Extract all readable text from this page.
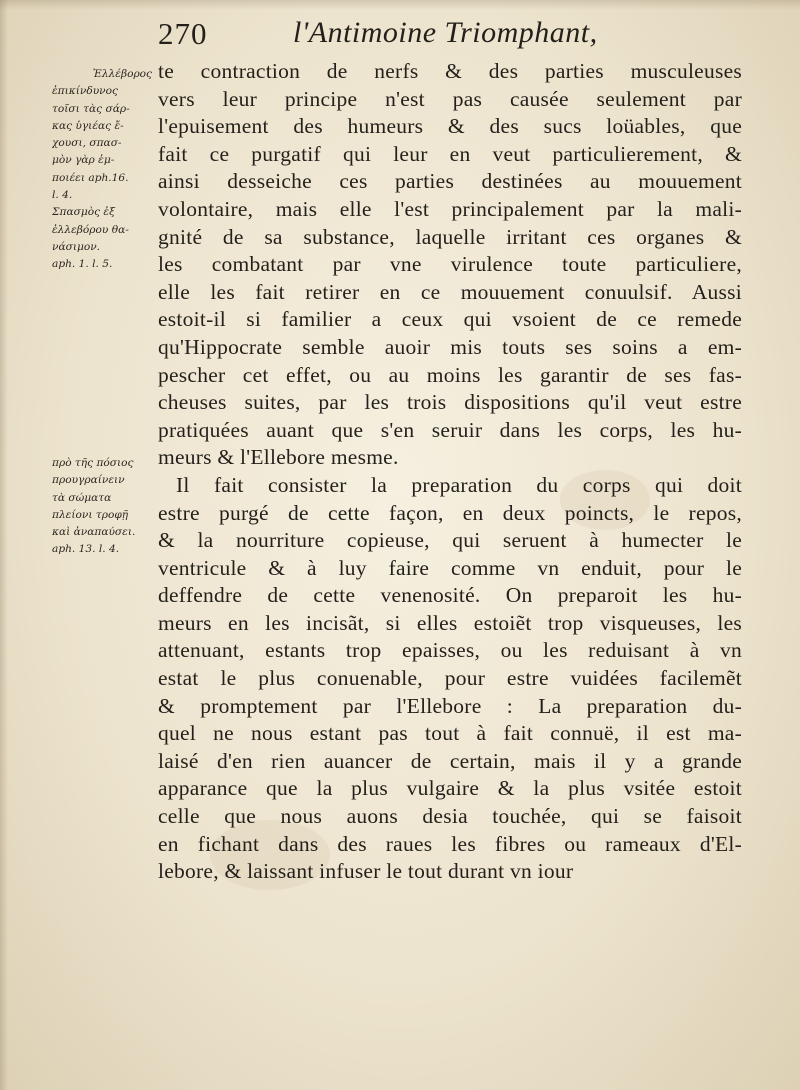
270	l'Antimoine Triomphant,
Ἐλλέβορος
ἐπικίνδυνος
τοῖσι τὰς σάρ-
κας ὑγιέας ἔ-
χουσι, σπασ-
μὸν γὰρ ἐμ-
ποιέει aph.16.
l. 4.
Σπασμὸς ἐξ
ἐλλεβόρου θα-
νάσιμον.
aph. 1. l. 5.
πρὸ τῆς πόσιος
προυγραίνειν
τὰ σώματα
πλείονι τροφῇ
καὶ ἀναπαύσει.
aph. 13. l. 4.
te contraction de nerfs & des parties musculeuses
vers leur principe n'est pas causée seulement par
l'epuisement des humeurs & des sucs loüables, que
fait ce purgatif qui leur en veut particulierement, &
ainsi desseiche ces parties destinées au mouuement
volontaire, mais elle l'est principalement par la mali-
gnité de sa substance, laquelle irritant ces organes &
les combatant par vne virulence toute particuliere,
elle les fait retirer en ce mouuement conuulsif. Aussi
estoit-il si familier a ceux qui vsoient de ce remede
qu'Hippocrate semble auoir mis touts ses soins a em-
pescher cet effet, ou au moins les garantir de ses fas-
cheuses suites, par les trois dispositions qu'il veut estre
pratiquées auant que s'en seruir dans les corps, les hu-
meurs & l'Ellebore mesme.
Il fait consister la preparation du corps qui doit
estre purgé de cette façon, en deux poincts, le repos,
& la nourriture copieuse, qui seruent à humecter le
ventricule & à luy faire comme vn enduit, pour le
deffendre de cette venenosité. On preparoit les hu-
meurs en les incisãt, si elles estoiẽt trop visqueuses, les
attenuant, estants trop epaisses, ou les reduisant à vn
estat le plus conuenable, pour estre vuidées facilemẽt
& promptement par l'Ellebore : La preparation du-
quel ne nous estant pas tout à fait connuë, il est ma-
laisé d'en rien auancer de certain, mais il y a grande
apparance que la plus vulgaire & la plus vsitée estoit
celle que nous auons desia touchée, qui se faisoit
en fichant dans des raues les fibres ou rameaux d'El-
lebore, & laissant infuser le tout durant vn iour
